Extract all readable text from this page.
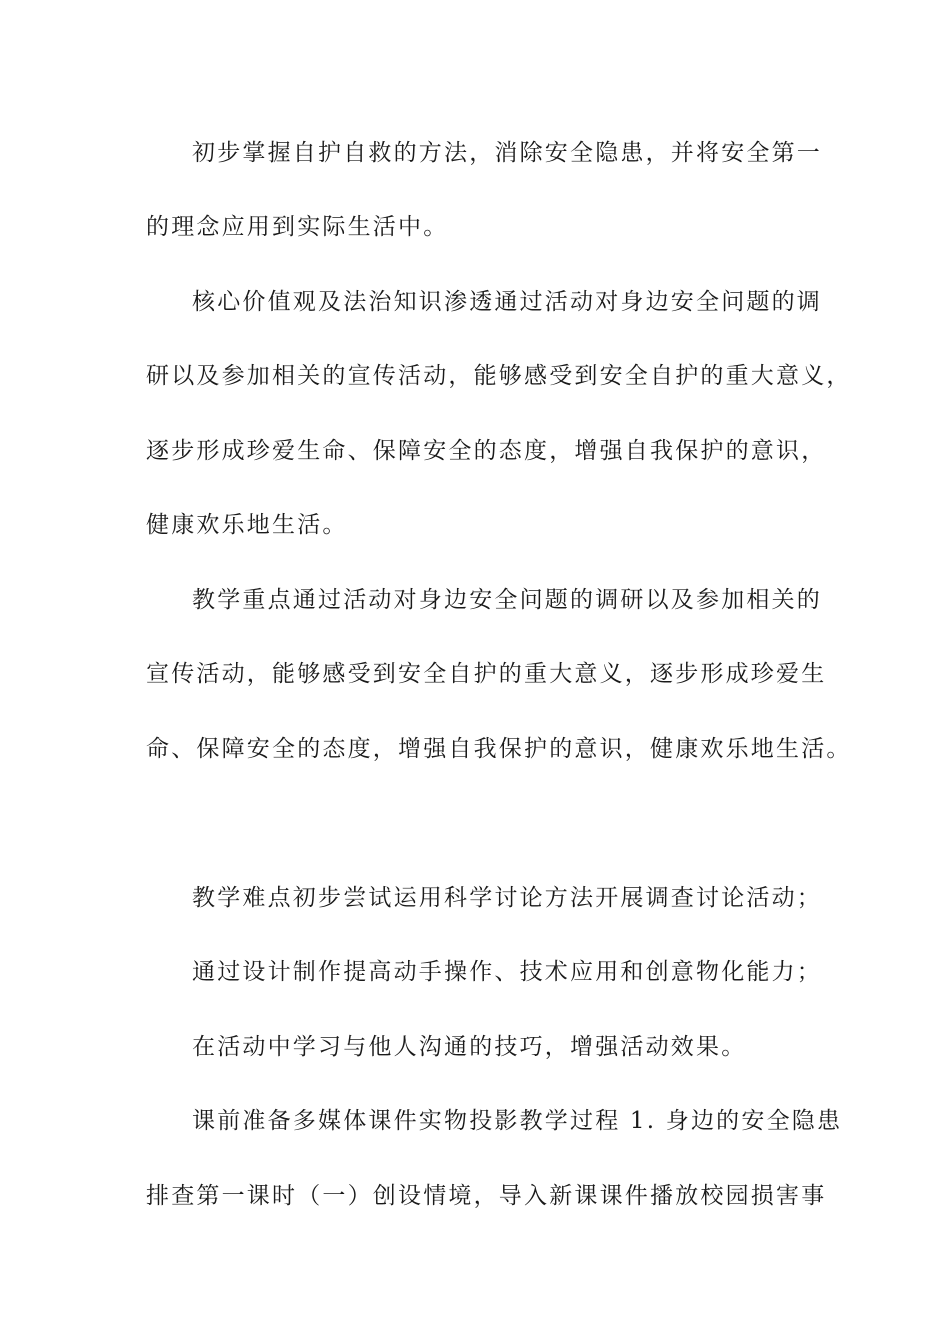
初步掌握自护自救的方法，消除安全隐患，并将安全第一
的理念应用到实际生活中。
核心价值观及法治知识渗透通过活动对身边安全问题的调
研以及参加相关的宣传活动，能够感受到安全自护的重大意义，
逐步形成珍爱生命、保障安全的态度，增强自我保护的意识，
健康欢乐地生活。
教学重点通过活动对身边安全问题的调研以及参加相关的
宣传活动，能够感受到安全自护的重大意义，逐步形成珍爱生
命、保障安全的态度，增强自我保护的意识，健康欢乐地生活。
教学难点初步尝试运用科学讨论方法开展调查讨论活动；
通过设计制作提高动手操作、技术应用和创意物化能力；
在活动中学习与他人沟通的技巧，增强活动效果。
课前准备多媒体课件实物投影教学过程 1. 身边的安全隐患
排查第一课时（一）创设情境，导入新课课件播放校园损害事
